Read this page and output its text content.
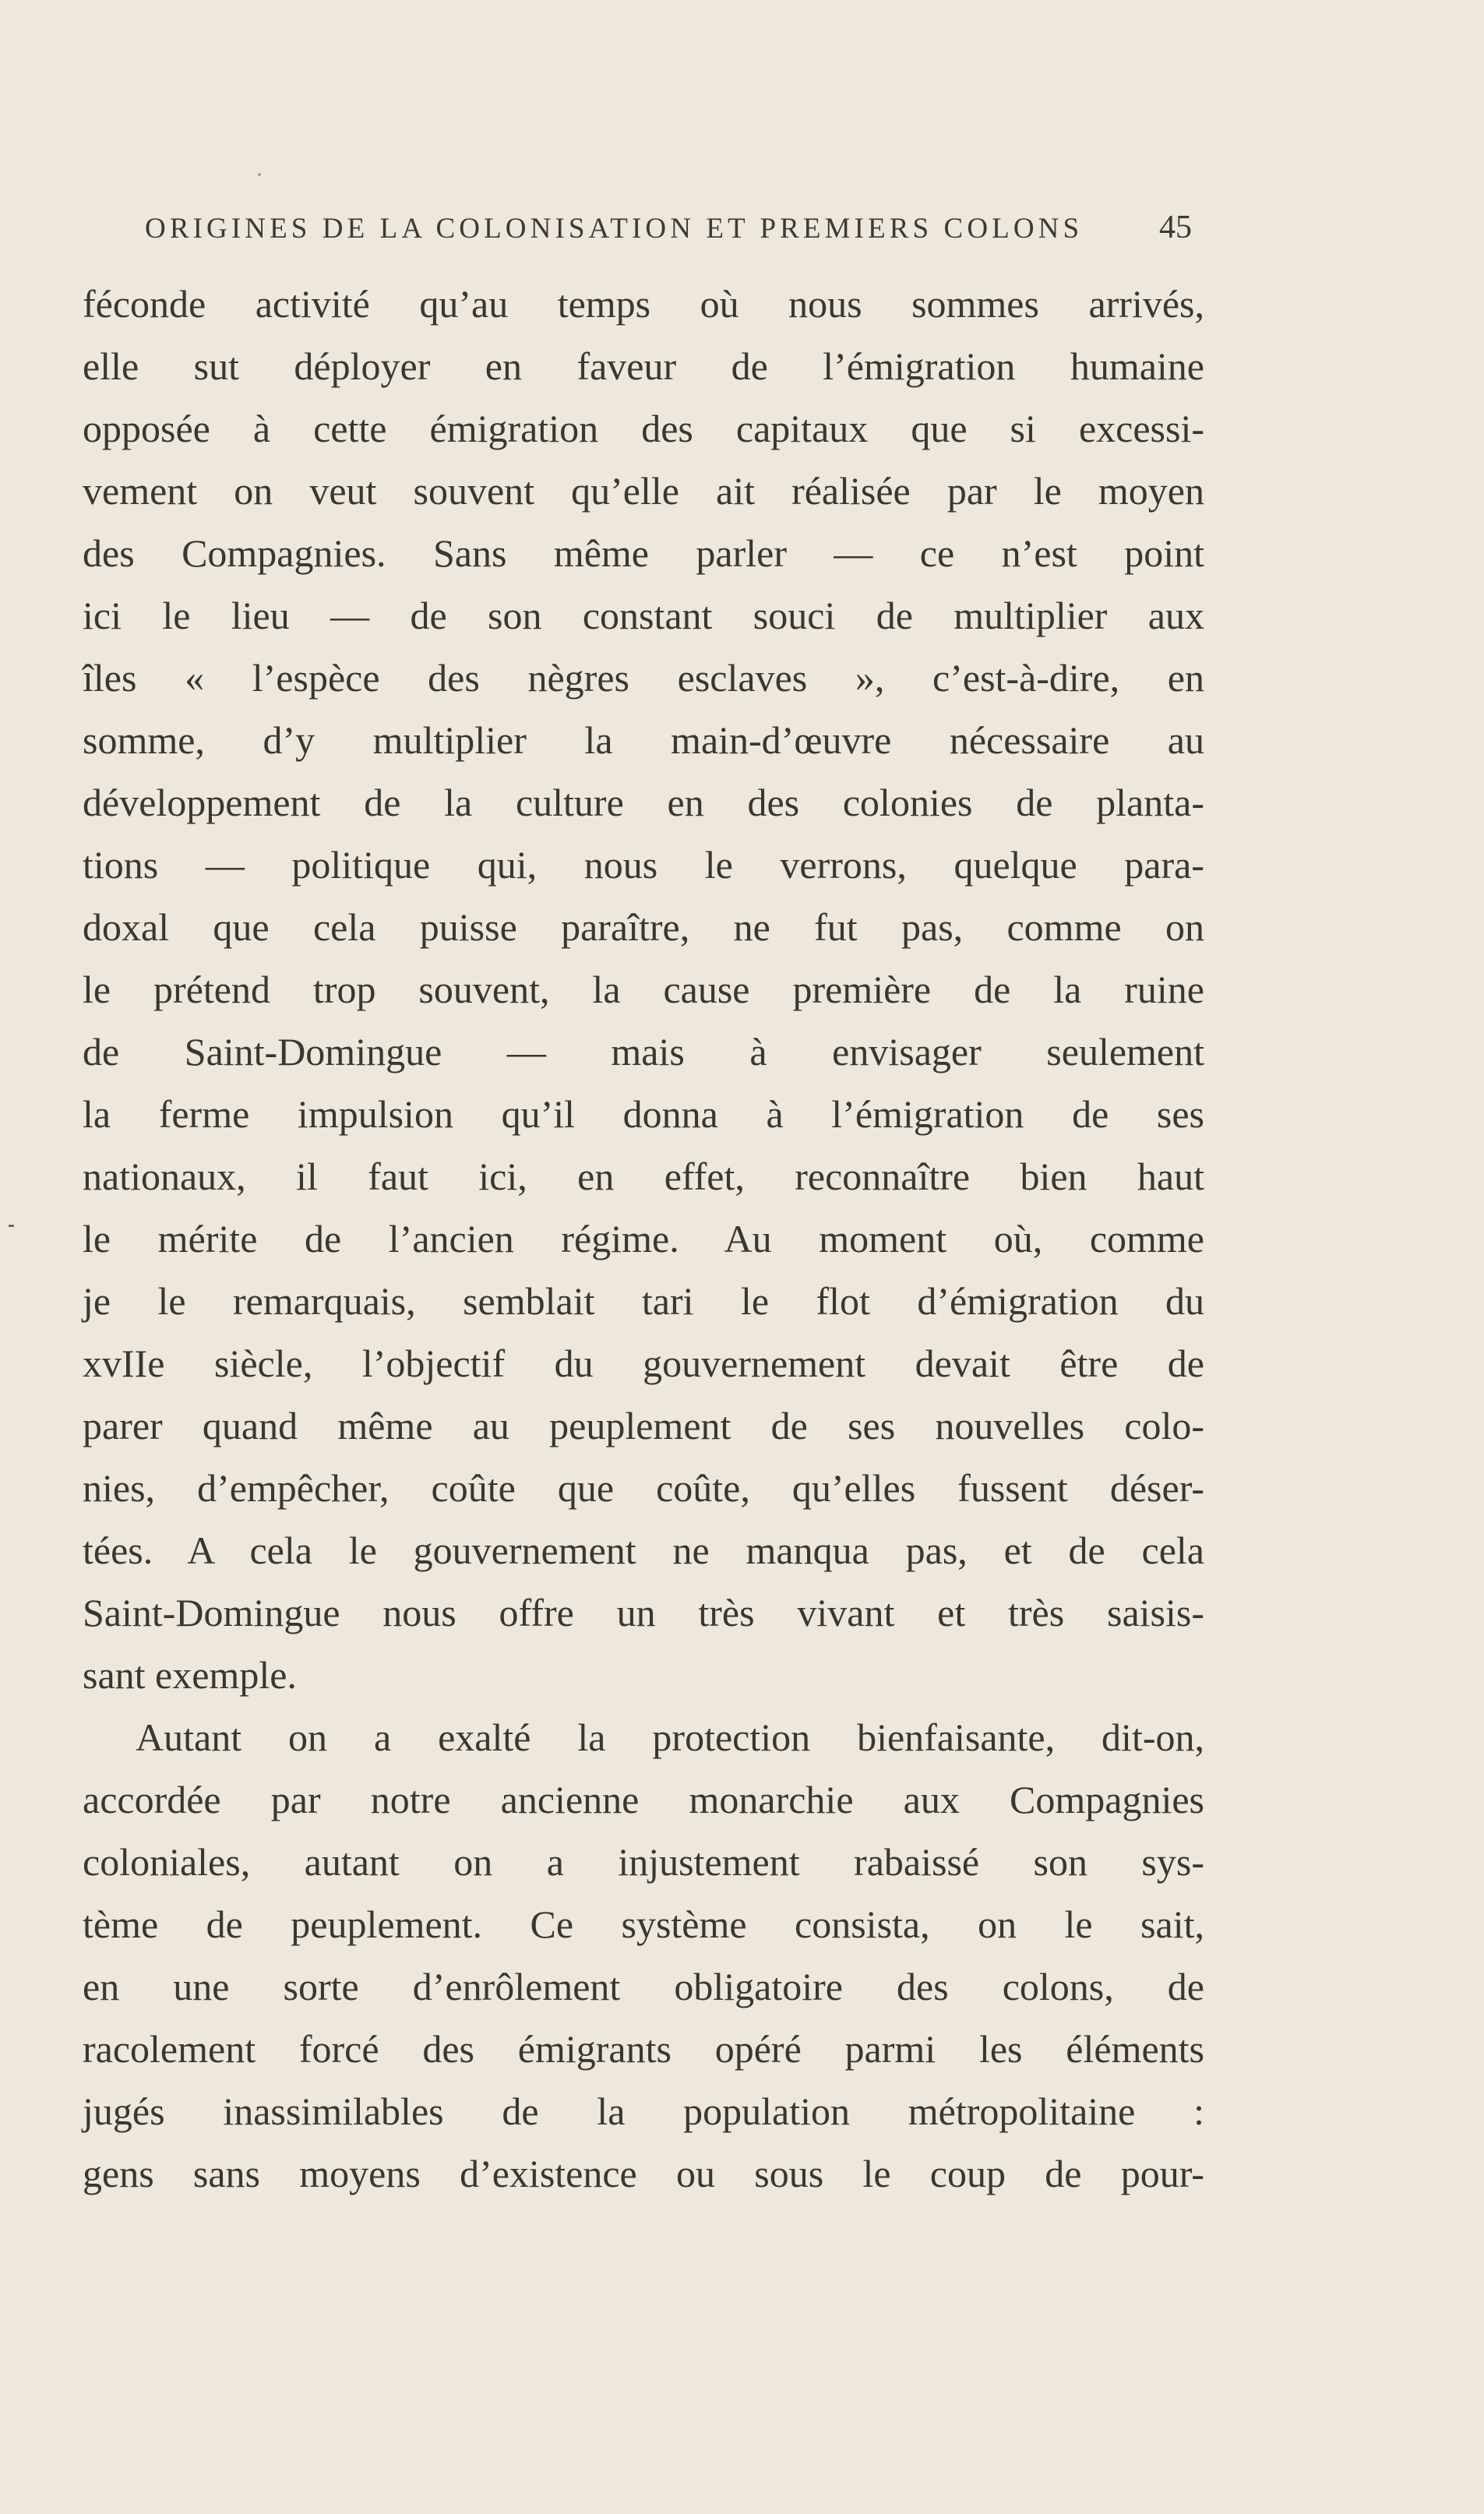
ORIGINES DE LA COLONISATION ET PREMIERS COLONS 45
féconde activité qu’au temps où nous sommes arrivés,
elle sut déployer en faveur de l’émigration humaine
opposée à cette émigration des capitaux que si excessi-
vement on veut souvent qu’elle ait réalisée par le moyen
des Compagnies. Sans même parler — ce n’est point
ici le lieu — de son constant souci de multiplier aux
îles « l’espèce des nègres esclaves », c’est-à-dire, en
somme, d’y multiplier la main-d’œuvre nécessaire au
développement de la culture en des colonies de planta-
tions — politique qui, nous le verrons, quelque para-
doxal que cela puisse paraître, ne fut pas, comme on
le prétend trop souvent, la cause première de la ruine
de Saint-Domingue — mais à envisager seulement
la ferme impulsion qu’il donna à l’émigration de ses
nationaux, il faut ici, en effet, reconnaître bien haut
le mérite de l’ancien régime. Au moment où, comme
je le remarquais, semblait tari le flot d’émigration du
xvIIe siècle, l’objectif du gouvernement devait être de
parer quand même au peuplement de ses nouvelles colo-
nies, d’empêcher, coûte que coûte, qu’elles fussent déser-
tées. A cela le gouvernement ne manqua pas, et de cela
Saint-Domingue nous offre un très vivant et très saisis-
sant exemple.
Autant on a exalté la protection bienfaisante, dit-on,
accordée par notre ancienne monarchie aux Compagnies
coloniales, autant on a injustement rabaissé son sys-
tème de peuplement. Ce système consista, on le sait,
en une sorte d’enrôlement obligatoire des colons, de
racolement forcé des émigrants opéré parmi les éléments
jugés inassimilables de la population métropolitaine :
gens sans moyens d’existence ou sous le coup de pour-
